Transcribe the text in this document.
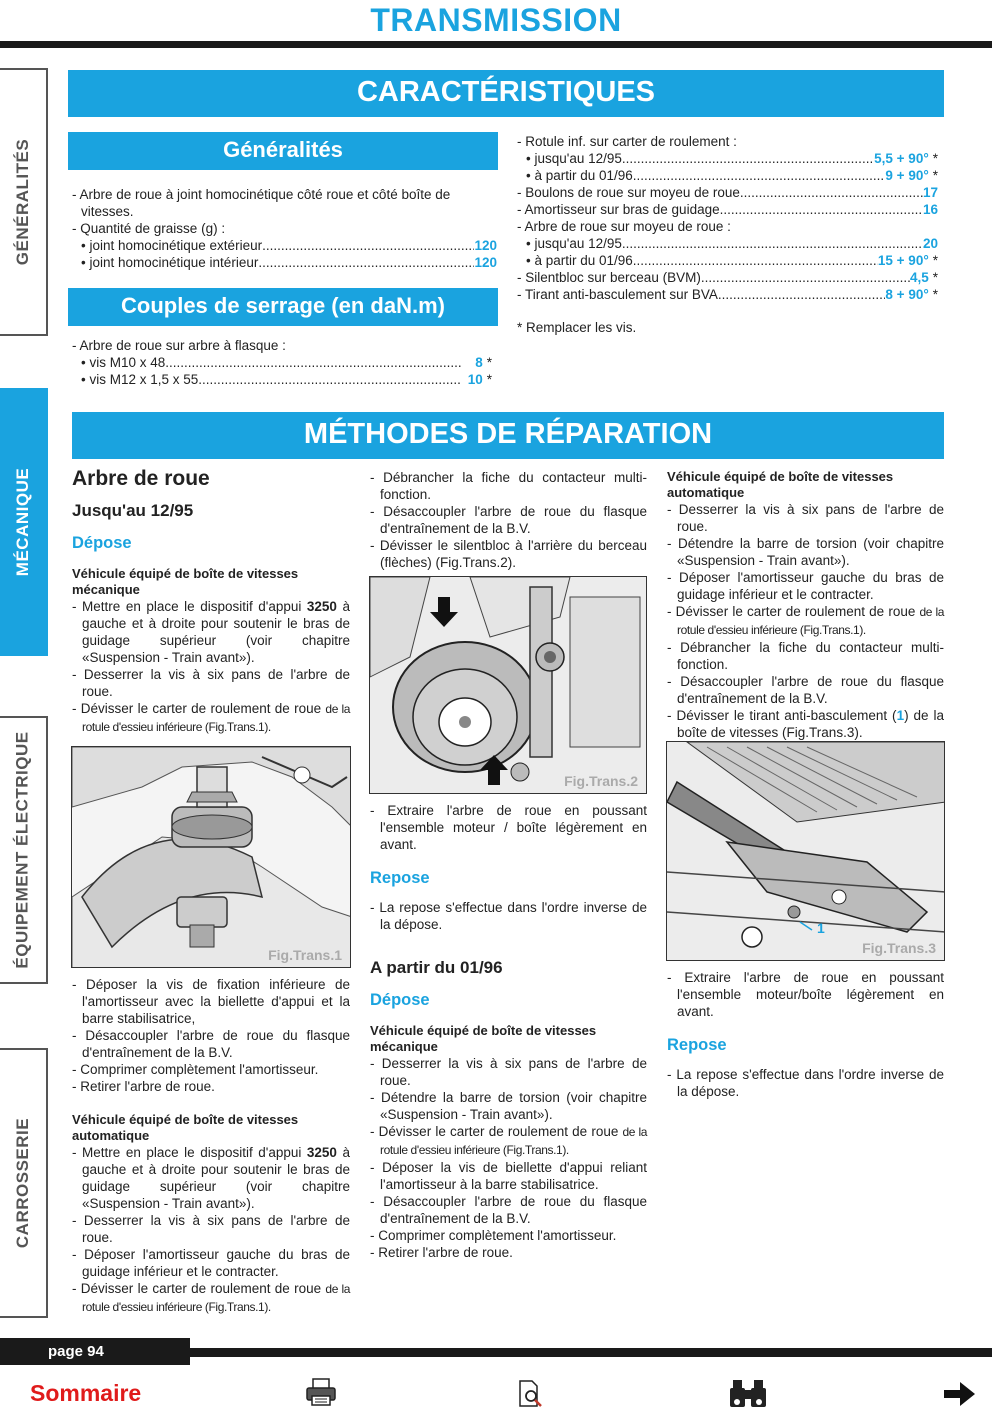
TRANSMISSION
GÉNÉRALITÉS
MÉCANIQUE
ÉQUIPEMENT ÉLECTRIQUE
CARROSSERIE
CARACTÉRISTIQUES
Généralités
- Arbre de roue à joint homocinétique côté roue et côté boîte de
vitesses.
- Quantité de graisse (g) :
• joint homocinétique extérieur .....	120
• joint homocinétique intérieur .....	120
Couples de serrage (en daN.m)
- Arbre de roue sur arbre à flasque :
• vis M10 x 48 .....	8 *
• vis M12 x 1,5 x 55 .....	10 *
- Rotule inf. sur carter de roulement :
• jusqu'au 12/95 .....	5,5 + 90° *
• à partir du 01/96 .....	9 + 90° *
- Boulons de roue sur moyeu de roue .....	17
- Amortisseur sur bras de guidage .....	16
- Arbre de roue sur moyeu de roue :
• jusqu'au 12/95 .....	20
• à partir du 01/96 .....	15 + 90° *
- Silentbloc sur berceau (BVM) .....	4,5 *
- Tirant anti-basculement sur BVA .....	8 + 90° *
* Remplacer les vis.
MÉTHODES DE RÉPARATION
Arbre de roue
Jusqu'au 12/95
Dépose
Véhicule équipé de boîte de vitesses mécanique
- Mettre en place le dispositif d'appui 3250 à gauche et à droite pour soutenir le bras de guidage supérieur (voir chapitre «Suspension - Train avant»).
- Desserrer la vis à six pans de l'arbre de roue.
- Dévisser le carter de roulement de roue de la rotule d'essieu inférieure (Fig.Trans.1).
Fig.Trans.1
- Déposer la vis de fixation inférieure de l'amortisseur avec la biellette d'appui et la barre stabilisatrice,
- Désaccoupler l'arbre de roue du flasque d'entraînement de la B.V.
- Comprimer complètement l'amortisseur.
- Retirer l'arbre de roue.
Véhicule équipé de boîte de vitesses automatique
- Mettre en place le dispositif d'appui 3250 à gauche et à droite pour soutenir le bras de guidage supérieur (voir chapitre «Suspension - Train avant»).
- Desserrer la vis à six pans de l'arbre de roue.
- Déposer l'amortisseur gauche du bras de guidage inférieur et le contracter.
- Dévisser le carter de roulement de roue de la rotule d'essieu inférieure (Fig.Trans.1).
- Débrancher la fiche du contacteur multi-fonction.
- Désaccoupler l'arbre de roue du flasque d'entraînement de la B.V.
- Dévisser le silentbloc à l'arrière du berceau (flèches) (Fig.Trans.2).
Fig.Trans.2
- Extraire l'arbre de roue en poussant l'ensemble moteur / boîte légèrement en avant.
Repose
- La repose s'effectue dans l'ordre inverse de la dépose.
A partir du 01/96
Dépose
Véhicule équipé de boîte de vitesses mécanique
- Desserrer la vis à six pans de l'arbre de roue.
- Détendre la barre de torsion (voir chapitre «Suspension - Train avant»).
- Dévisser le carter de roulement de roue de la rotule d'essieu inférieure (Fig.Trans.1).
- Déposer la vis de biellette d'appui reliant l'amortisseur à la barre stabilisatrice.
- Désaccoupler l'arbre de roue du flasque d'entraînement de la B.V.
- Comprimer complètement l'amortisseur.
- Retirer l'arbre de roue.
Véhicule équipé de boîte de vitesses automatique
- Desserrer la vis à six pans de l'arbre de roue.
- Détendre la barre de torsion (voir chapitre «Suspension - Train avant»).
- Déposer l'amortisseur gauche du bras de guidage inférieur et le contracter.
- Dévisser le carter de roulement de roue de la rotule d'essieu inférieure (Fig.Trans.1).
- Débrancher la fiche du contacteur multi-fonction.
- Désaccoupler l'arbre de roue du flasque d'entraînement de la B.V.
- Dévisser le tirant anti-basculement (1) de la boîte de vitesses (Fig.Trans.3).
1
Fig.Trans.3
- Extraire l'arbre de roue en poussant l'ensemble moteur/boîte légèrement en avant.
Repose
- La repose s'effectue dans l'ordre inverse de la dépose.
page 94
Sommaire
